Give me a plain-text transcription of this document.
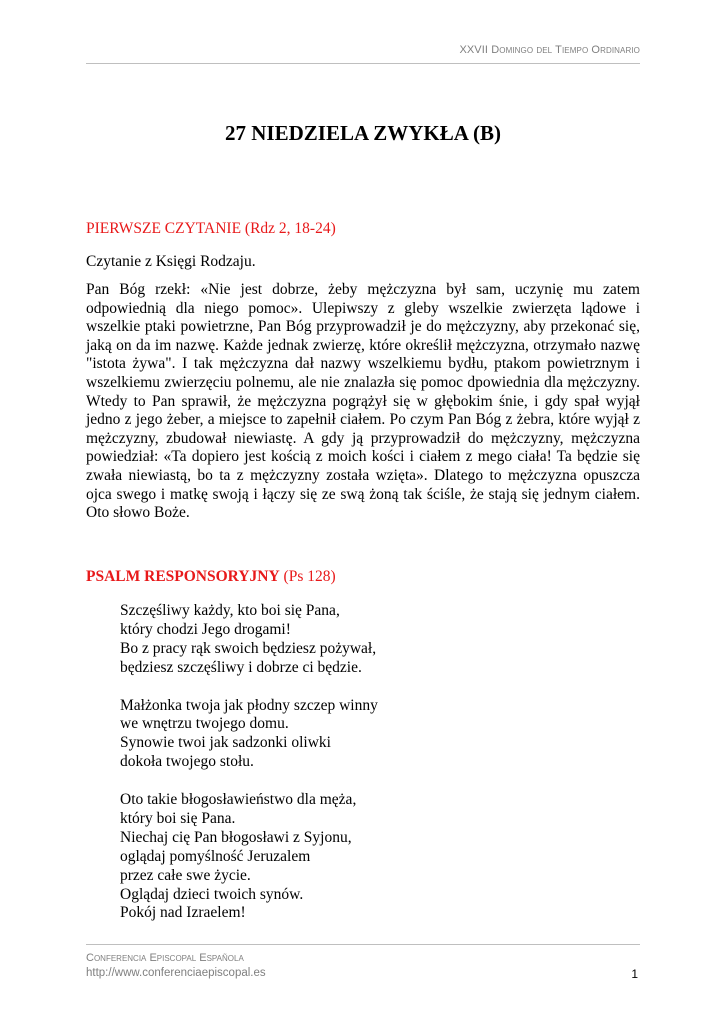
XXVII Domingo del Tiempo Ordinario
27 NIEDZIELA ZWYKŁA (B)

PIERWSZE CZYTANIE (Rdz 2, 18-24)

Czytanie z Księgi Rodzaju.

Pan Bóg rzekł: «Nie jest dobrze, żeby mężczyzna był sam, uczynię mu zatem odpowiednią dla niego pomoc». Ulepiwszy z gleby wszelkie zwierzęta lądowe i wszelkie ptaki powietrzne, Pan Bóg przyprowadził je do mężczyzny, aby przekonać się, jaką on da im nazwę. Każde jednak zwierzę, które określił mężczyzna, otrzymało nazwę "istota żywa". I tak mężczyzna dał nazwy wszelkiemu bydłu, ptakom powietrznym i wszelkiemu zwierzęciu polnemu, ale nie znalazła się pomoc dpowiednia dla mężczyzny. Wtedy to Pan sprawił, że mężczyzna pogrążył się w głębokim śnie, i gdy spał wyjął jedno z jego żeber, a miejsce to zapełnił ciałem. Po czym Pan Bóg z żebra, które wyjął z mężczyzny, zbudował niewiastę. A gdy ją przyprowadził do mężczyzny, mężczyzna powiedział: «Ta dopiero jest kością z moich kości i ciałem z mego ciała! Ta będzie się zwała niewiastą, bo ta z mężczyzny została wzięta». Dlatego to mężczyzna opuszcza ojca swego i matkę swoją i łączy się ze swą żoną tak ściśle, że stają się jednym ciałem. Oto słowo Boże.

PSALM RESPONSORYJNY (Ps 128)

Szczęśliwy każdy, kto boi się Pana,
który chodzi Jego drogami!
Bo z pracy rąk swoich będziesz pożywał,
będziesz szczęśliwy i dobrze ci będzie.

Małżonka twoja jak płodny szczep winny
we wnętrzu twojego domu.
Synowie twoi jak sadzonki oliwki
dokoła twojego stołu.

Oto takie błogosławieństwo dla męża,
który boi się Pana.
Niechaj cię Pan błogosławi z Syjonu,
oglądaj pomyślność Jeruzalem
przez całe swe życie.
Oglądaj dzieci twoich synów.
Pokój nad Izraelem!

Conferencia Episcopal Española
http://www.conferenciaepiscopal.es	1
